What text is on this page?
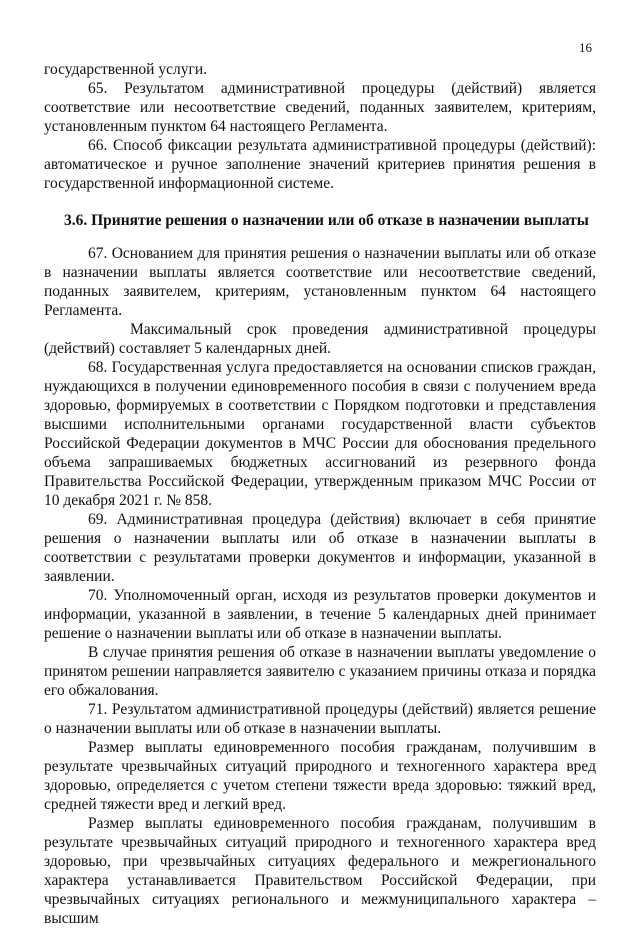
16

государственной услуги.

65. Результатом административной процедуры (действий) является соответствие или несоответствие сведений, поданных заявителем, критериям, установленным пунктом 64 настоящего Регламента.

66. Способ фиксации результата административной процедуры (действий): автоматическое и ручное заполнение значений критериев принятия решения в государственной информационной системе.

3.6. Принятие решения о назначении или об отказе в назначении выплаты

67. Основанием для принятия решения о назначении выплаты или об отказе в назначении выплаты является соответствие или несоответствие сведений, поданных заявителем, критериям, установленным пунктом 64 настоящего Регламента.

Максимальный срок проведения административной процедуры (действий) составляет 5 календарных дней.

68. Государственная услуга предоставляется на основании списков граждан, нуждающихся в получении единовременного пособия в связи с получением вреда здоровью, формируемых в соответствии с Порядком подготовки и представления высшими исполнительными органами государственной власти субъектов Российской Федерации документов в МЧС России для обоснования предельного объема запрашиваемых бюджетных ассигнований из резервного фонда Правительства Российской Федерации, утвержденным приказом МЧС России от 10 декабря 2021 г. № 858.

69. Административная процедура (действия) включает в себя принятие решения о назначении выплаты или об отказе в назначении выплаты в соответствии с результатами проверки документов и информации, указанной в заявлении.

70. Уполномоченный орган, исходя из результатов проверки документов и информации, указанной в заявлении, в течение 5 календарных дней принимает решение о назначении выплаты или об отказе в назначении выплаты.

В случае принятия решения об отказе в назначении выплаты уведомление о принятом решении направляется заявителю с указанием причины отказа и порядка его обжалования.

71. Результатом административной процедуры (действий) является решение о назначении выплаты или об отказе в назначении выплаты.

Размер выплаты единовременного пособия гражданам, получившим в результате чрезвычайных ситуаций природного и техногенного характера вред здоровью, определяется с учетом степени тяжести вреда здоровью: тяжкий вред, средней тяжести вред и легкий вред.

Размер выплаты единовременного пособия гражданам, получившим в результате чрезвычайных ситуаций природного и техногенного характера вред здоровью, при чрезвычайных ситуациях федерального и межрегионального характера устанавливается Правительством Российской Федерации, при чрезвычайных ситуациях регионального и межмуниципального характера – высшим
